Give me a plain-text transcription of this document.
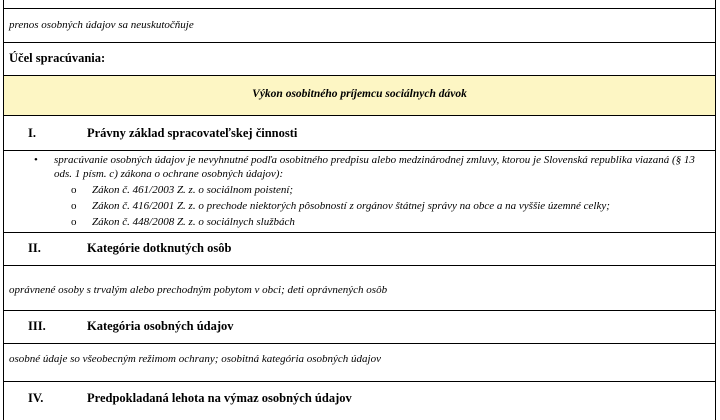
prenos osobných údajov sa neuskutočňuje
Účel spracúvania:
Výkon osobitného príjemcu sociálnych dávok
I.	Právny základ spracovateľskej činnosti
• spracúvanie osobných údajov je nevyhnutné podľa osobitného predpisu alebo medzinárodnej zmluvy, ktorou je Slovenská republika viazaná (§ 13 ods. 1 písm. c) zákona o ochrane osobných údajov):
o Zákon č. 461/2003 Z. z. o sociálnom poistení;
o Zákon č. 416/2001 Z. z. o prechode niektorých pôsobností z orgánov štátnej správy na obce a na vyššie územné celky;
o Zákon č. 448/2008 Z. z. o sociálnych službách
II.	Kategórie dotknutých osôb
oprávnené osoby s trvalým alebo prechodným pobytom v obci; deti oprávnených osôb
III.	Kategória osobných údajov
osobné údaje so všeobecným režimom ochrany; osobitná kategória osobných údajov
IV.	Predpokladaná lehota na výmaz osobných údajov
